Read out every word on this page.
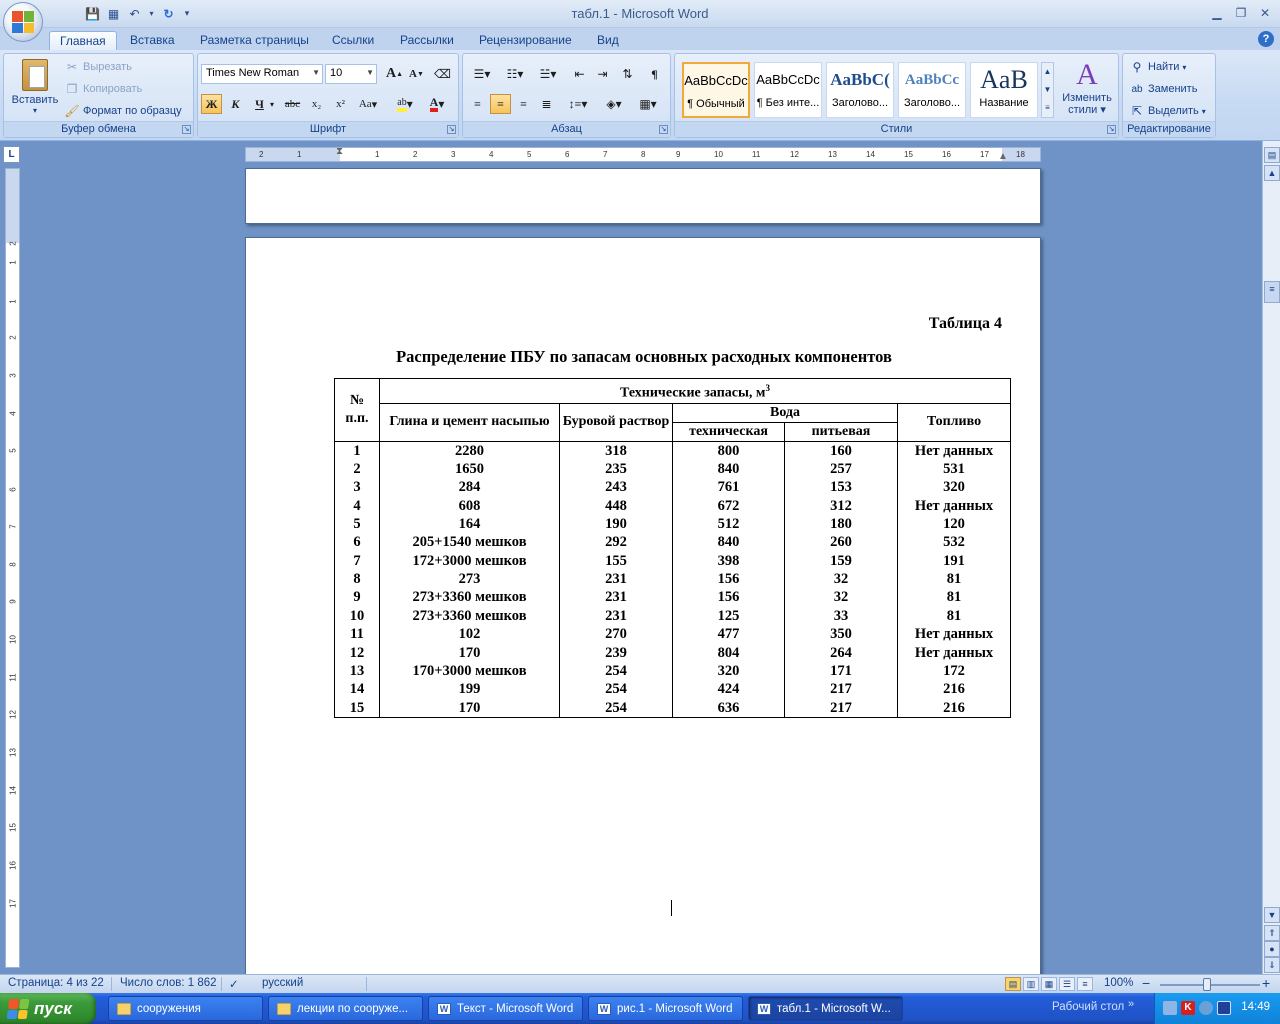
💾 ▦ ↶	▾ ↻	▾	табл.1 - Microsoft Word	▁	❐	✕
Главная	Вставка	Разметка страницы	Ссылки	Рассылки	Рецензирование	Вид	?
Вставить
▾
✂ Вырезать
❐ Копировать
🖌 Формат по образцу
Буфер обмена	↘
Times New Roman ▼ 10	▼ A ▲ A ▼ ⌫
Ж	К	Ч ▾ abc	x₂	x²	Aa ▾	ab ▾	A ▾
Шрифт	↘
☰▾	☷▾	☱▾	⇤	⇥	⇅	¶
≡	≡	≡	≣	↕≡▾	◈▾	▦▾
Абзац	↘
AaBbCcDc
¶ Обычный
AaBbCcDc
¶ Без инте...
AaBbC(
Заголово...
AaBbCc
Заголово...
AaB
Название
▲
▼
≡
A
Изменить
стили ▾
Стили	↘
⚲ Найти ▾
ab Заменить
⇱ Выделить ▾
Редактирование
L	2	1	1	2	3	4	5	6	7	8	9	10	11	12	13	14	15	16	17	18
⧗	▲
2
1
1
2
3
4
5
6
7
8
9
10
11
12
13
14
15
16
17
▤
▲
≡
▼
⇑
●
⇓
Таблица 4
Распределение ПБУ по запасам основных расходных компонентов
№ п.п.	Технические запасы, $м^3$
	Глина и цемент насыпью	Буровой раствор	Вода		Топливо
			техническая	питьевая	
1	2280	318	800	160	Нет данных
2	1650	235	840	257	531
3	284	243	761	153	320
4	608	448	672	312	Нет данных
5	164	190	512	180	120
6	205+1540 мешков	292	840	260	532
7	172+3000 мешков	155	398	159	191
8	273	231	156	32	81
9	273+3360 мешков	231	156	32	81
10	273+3360 мешков	231	125	33	81
11	102	270	477	350	Нет данных
12	170	239	804	264	Нет данных
13	170+3000 мешков	254	320	171	172
14	199	254	424	217	216
15	170	254	636	217	216
Страница: 4 из 22 Число слов: 1 862 ✓ русский	▤	▥	▦	☰	≡	100% −	+
пуск	сооружения	лекции по сооруже...	W Текст - Microsoft Word	W рис.1 - Microsoft Word	W табл.1 - Microsoft W...	Рабочий стол »	K	14:49
